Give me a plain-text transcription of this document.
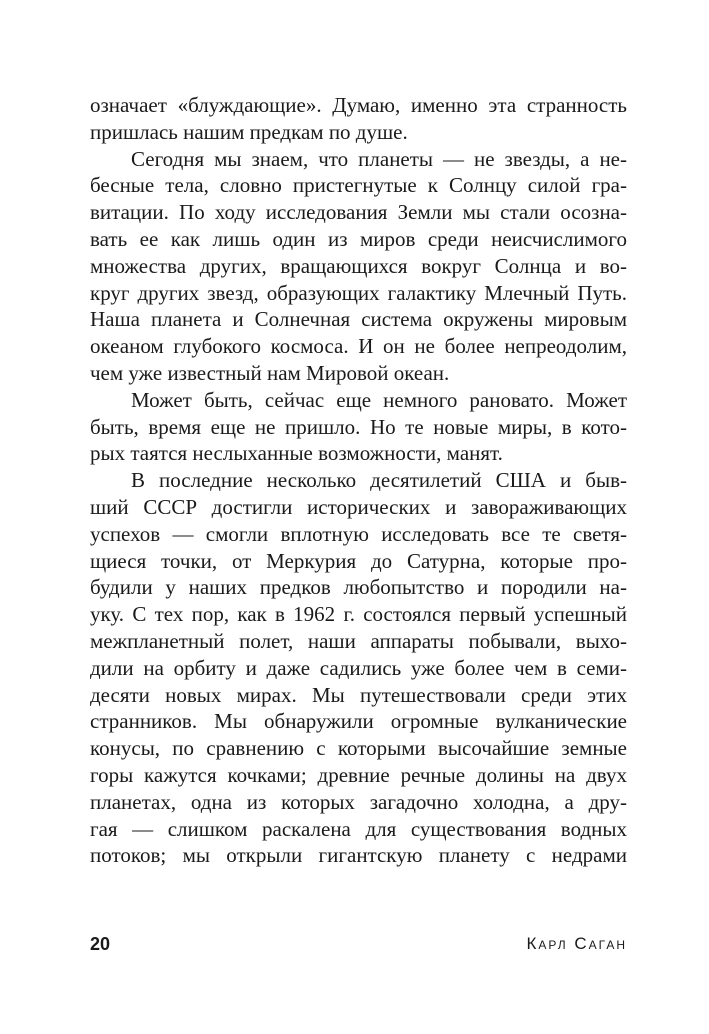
означает «блуждающие». Думаю, именно эта странность
пришлась нашим предкам по душе.
Сегодня мы знаем, что планеты — не звезды, а не-
бесные тела, словно пристегнутые к Солнцу силой гра-
витации. По ходу исследования Земли мы стали осозна-
вать ее как лишь один из миров среди неисчислимого
множества других, вращающихся вокруг Солнца и во-
круг других звезд, образующих галактику Млечный Путь.
Наша планета и Солнечная система окружены мировым
океаном глубокого космоса. И он не более непреодолим,
чем уже известный нам Мировой океан.
Может быть, сейчас еще немного рановато. Может
быть, время еще не пришло. Но те новые миры, в кото-
рых таятся неслыханные возможности, манят.
В последние несколько десятилетий США и быв-
ший СССР достигли исторических и завораживающих
успехов — смогли вплотную исследовать все те светя-
щиеся точки, от Меркурия до Сатурна, которые про-
будили у наших предков любопытство и породили на-
уку. С тех пор, как в 1962 г. состоялся первый успешный
межпланетный полет, наши аппараты побывали, выхо-
дили на орбиту и даже садились уже более чем в семи-
десяти новых мирах. Мы путешествовали среди этих
странников. Мы обнаружили огромные вулканические
конусы, по сравнению с которыми высочайшие земные
горы кажутся кочками; древние речные долины на двух
планетах, одна из которых загадочно холодна, а дру-
гая — слишком раскалена для существования водных
потоков; мы открыли гигантскую планету с недрами
20	Карл Саган
